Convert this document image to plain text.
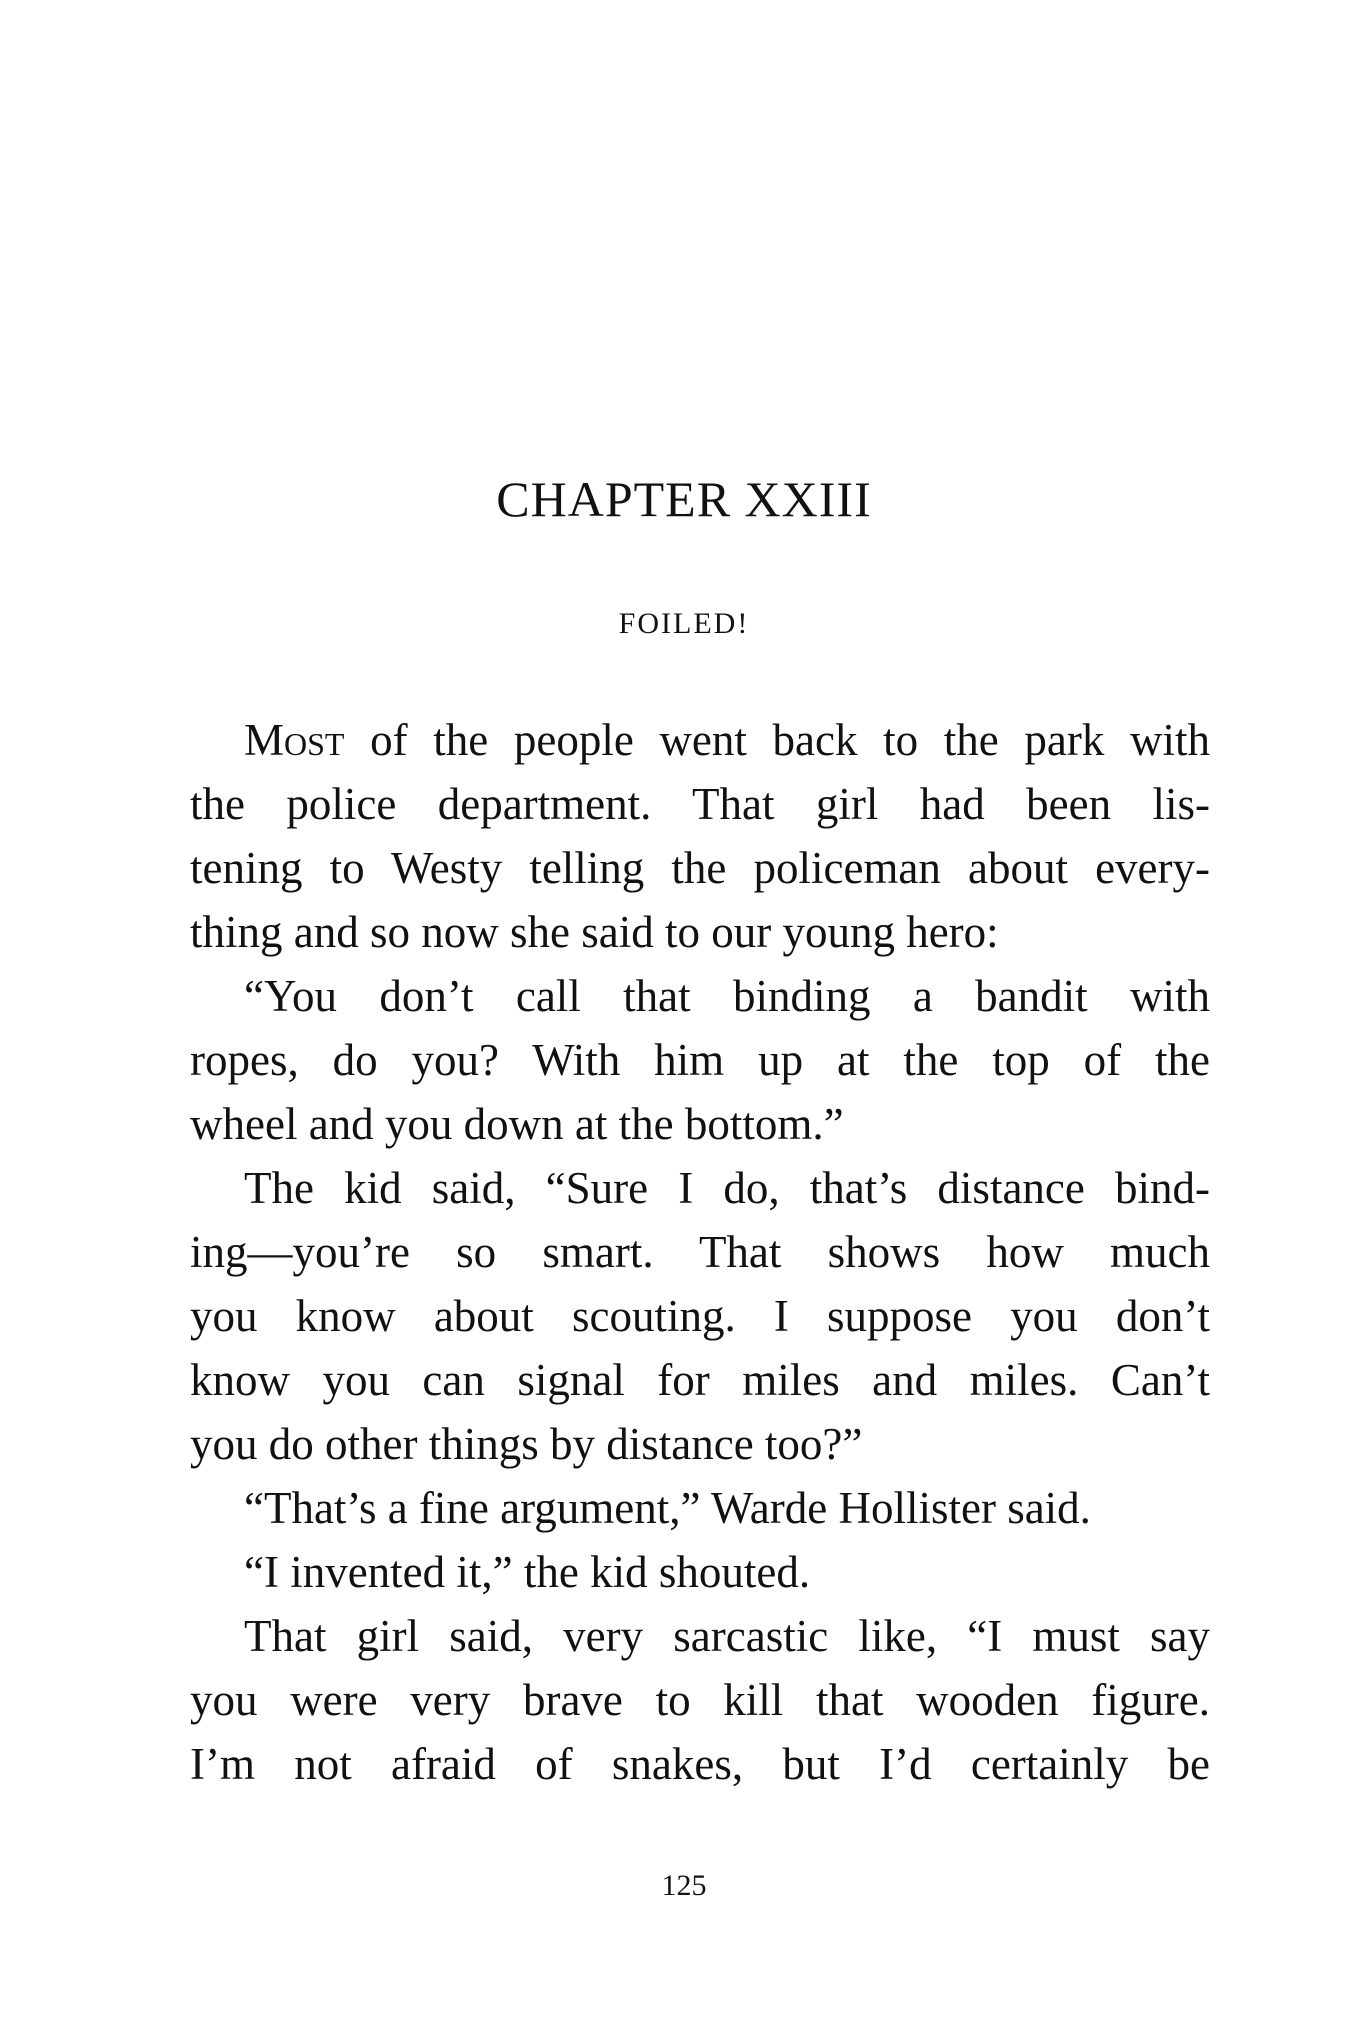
CHAPTER XXIII
FOILED!
Most of the people went back to the park with
the police department. That girl had been lis-
tening to Westy telling the policeman about every-
thing and so now she said to our young hero:
“You don’t call that binding a bandit with
ropes, do you? With him up at the top of the
wheel and you down at the bottom.”
The kid said, “Sure I do, that’s distance bind-
ing—you’re so smart. That shows how much
you know about scouting. I suppose you don’t
know you can signal for miles and miles. Can’t
you do other things by distance too?”
“That’s a fine argument,” Warde Hollister said.
“I invented it,” the kid shouted.
That girl said, very sarcastic like, “I must say
you were very brave to kill that wooden figure.
I’m not afraid of snakes, but I’d certainly be
125
